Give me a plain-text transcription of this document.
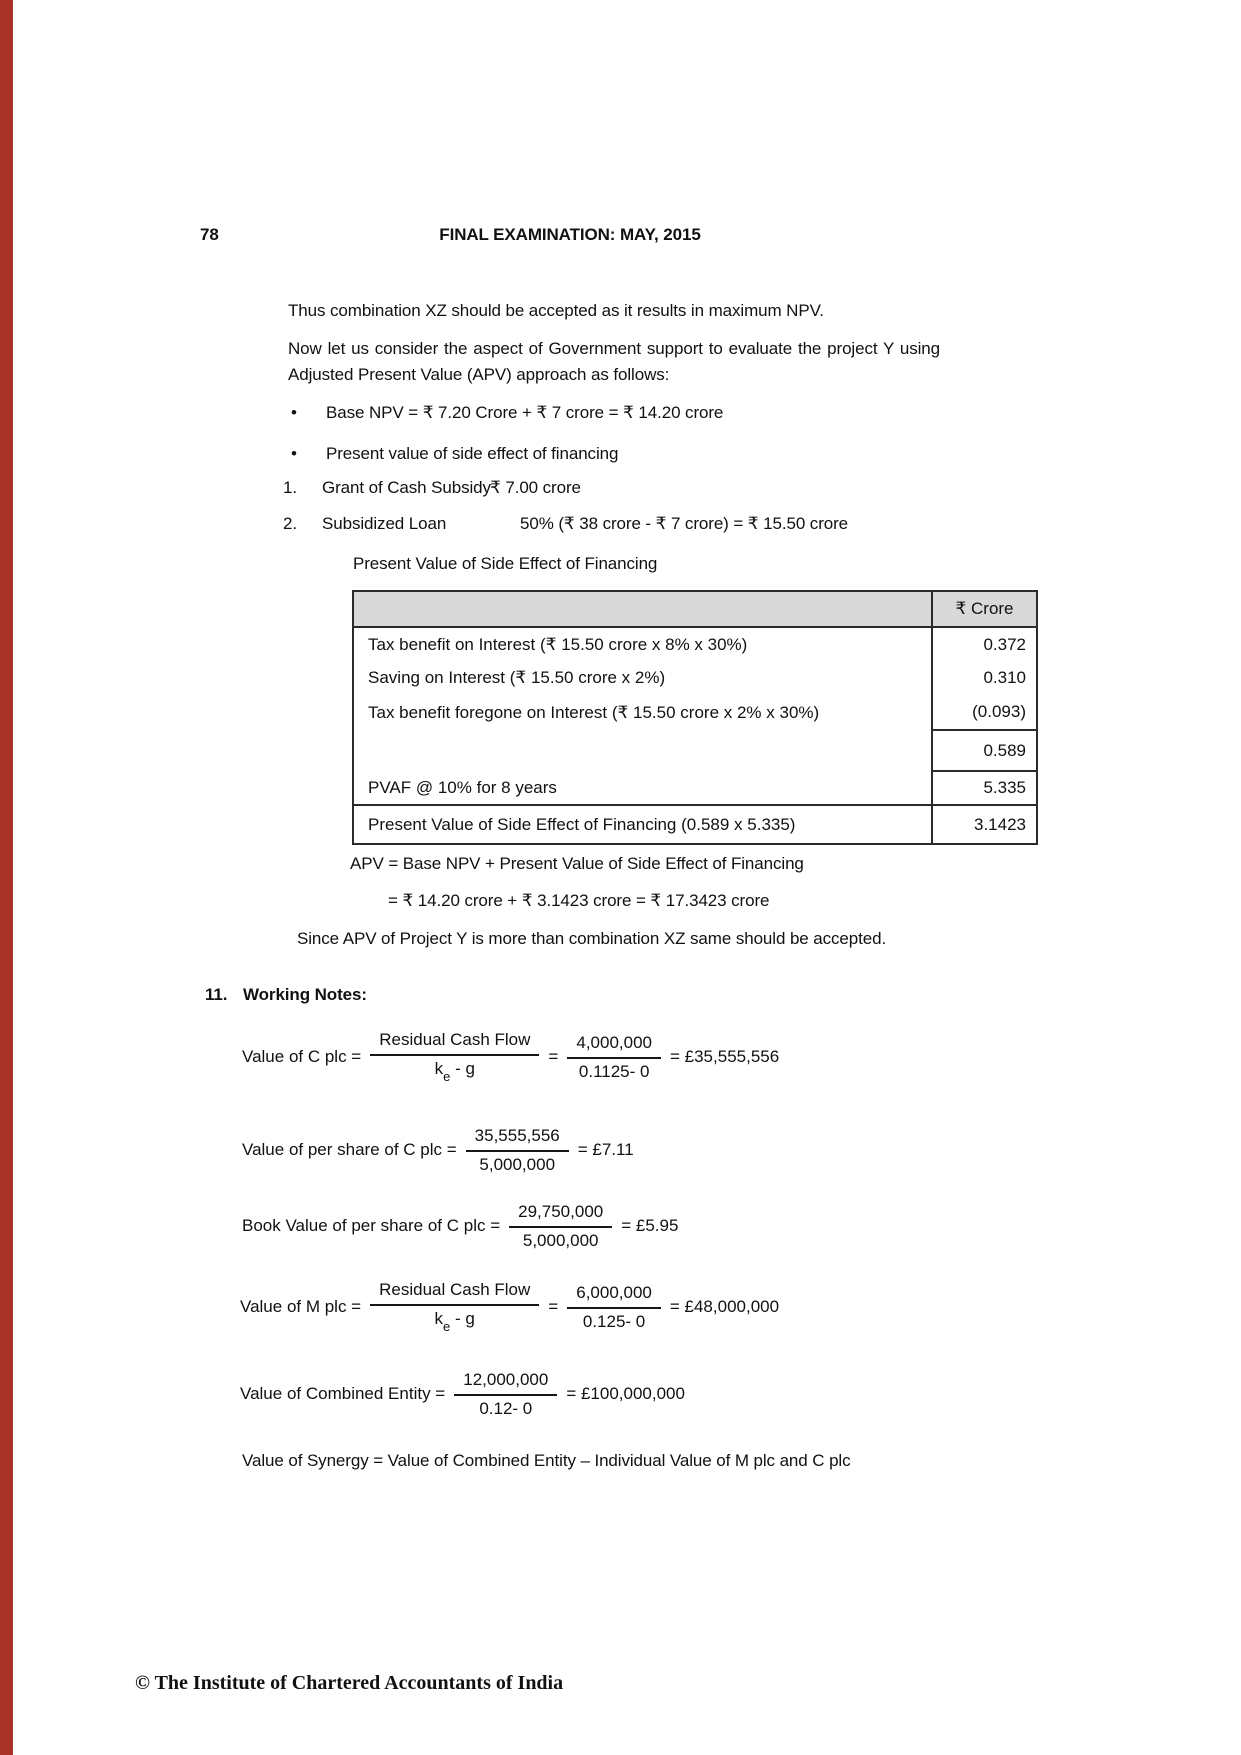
78	FINAL EXAMINATION: MAY, 2015
Thus combination XZ should be accepted as it results in maximum NPV.
Now let us consider the aspect of Government support to evaluate the project Y using Adjusted Present Value (APV) approach as follows:
• Base NPV = ₹ 7.20 Crore + ₹ 7 crore = ₹ 14.20 crore
• Present value of side effect of financing
1. Grant of Cash Subsidy ₹ 7.00 crore
2. Subsidized Loan	50% (₹ 38 crore - ₹ 7 crore) = ₹ 15.50 crore
Present Value of Side Effect of Financing
₹ Crore
Tax benefit on Interest (₹ 15.50 crore x 8% x 30%)	0.372
Saving on Interest (₹ 15.50 crore x 2%)	0.310
Tax benefit foregone on Interest (₹ 15.50 crore x 2% x 30%)	(0.093)
0.589
PVAF @ 10% for 8 years	5.335
Present Value of Side Effect of Financing (0.589 x 5.335)	3.1423
APV = Base NPV + Present Value of Side Effect of Financing
= ₹ 14.20 crore + ₹ 3.1423 crore = ₹ 17.3423 crore
Since APV of Project Y is more than combination XZ same should be accepted.
11. Working Notes:
Value of C plc = $\frac{\text{Residual Cash Flow}}{k_e - g} = \frac{4,000,000}{0.1125- 0}$ = £35,555,556
Value of per share of C plc = $\frac{35,555,556}{5,000,000}$ = £7.11
Book Value of per share of C plc = $\frac{29,750,000}{5,000,000}$ = £5.95
Value of M plc = $\frac{\text{Residual Cash Flow}}{k_e - g} = \frac{6,000,000}{0.125- 0}$ = £48,000,000
Value of Combined Entity = $\frac{12,000,000}{0.12- 0}$ = £100,000,000
Value of Synergy = Value of Combined Entity – Individual Value of M plc and C plc
© The Institute of Chartered Accountants of India
